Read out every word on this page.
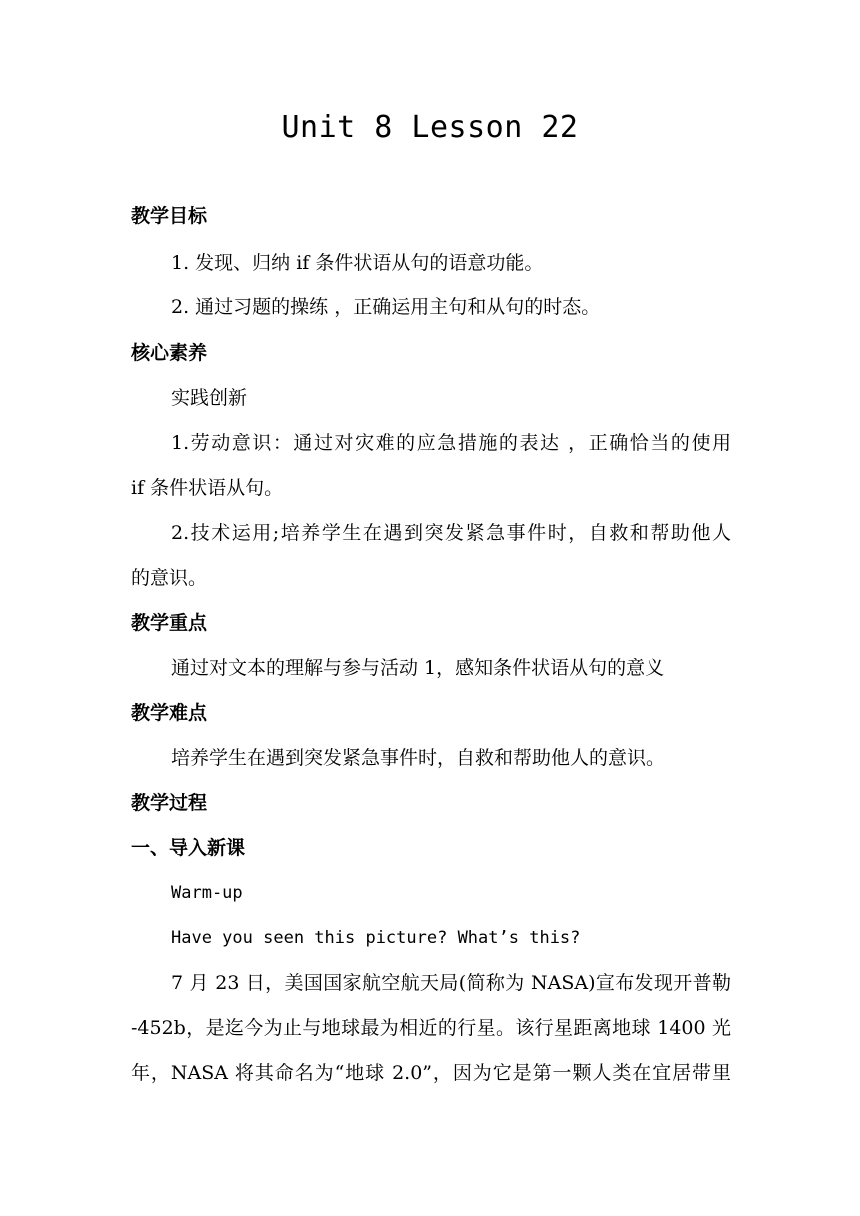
Unit 8 Lesson 22
教学目标
1. 发现、归纳 if 条件状语从句的语意功能。
2. 通过习题的操练 ，正确运用主句和从句的时态。
核心素养
实践创新
1.劳动意识：通过对灾难的应急措施的表达 ，正确恰当的使用
if 条件状语从句。
2.技术运用;培养学生在遇到突发紧急事件时，自救和帮助他人
的意识。
教学重点
通过对文本的理解与参与活动 1，感知条件状语从句的意义
教学难点
培养学生在遇到突发紧急事件时，自救和帮助他人的意识。
教学过程
一、导入新课
Warm-up
Have you seen this picture? What’s this?
7 月 23 日，美国国家航空航天局(简称为 NASA)宣布发现开普勒
-452b，是迄今为止与地球最为相近的行星。该行星距离地球 1400 光
年，NASA 将其命名为“地球 2.0”，因为它是第一颗人类在宜居带里
